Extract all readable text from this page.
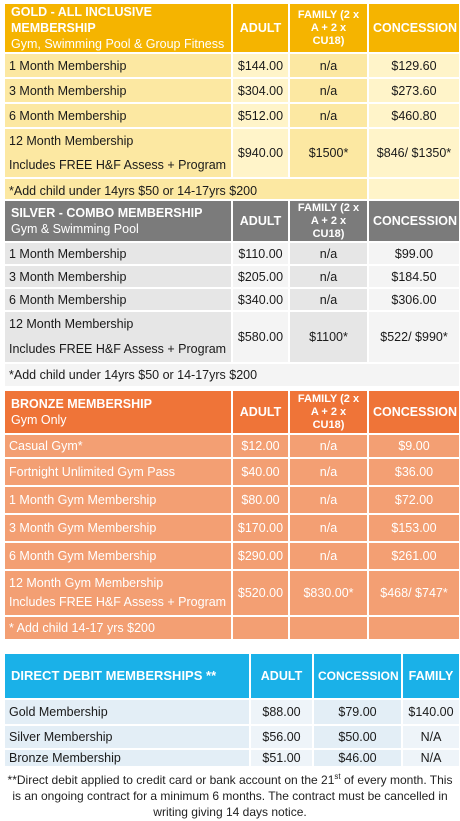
GOLD - ALL INCLUSIVE MEMBERSHIP
Gym, Swimming Pool & Group Fitness	ADULT	FAMILY (2 x A + 2 x CU18)	CONCESSION
1 Month Membership	$144.00	n/a	$129.60
3 Month Membership	$304.00	n/a	$273.60
6 Month Membership	$512.00	n/a	$460.80
12 Month Membership
Includes FREE H&F Assess + Program	$940.00	$1500*	$846/ $1350*
*Add child under 14yrs $50 or 14-17yrs $200			
SILVER - COMBO MEMBERSHIP
Gym & Swimming Pool	ADULT	FAMILY (2 x A + 2 x CU18)	CONCESSION
1 Month Membership	$110.00	n/a	$99.00
3 Month Membership	$205.00	n/a	$184.50
6 Month Membership	$340.00	n/a	$306.00
12 Month Membership
Includes FREE H&F Assess + Program	$580.00	$1100*	$522/ $990*
*Add child under 14yrs $50 or 14-17yrs $200			
BRONZE MEMBERSHIP
Gym Only	ADULT	FAMILY (2 x A + 2 x CU18)	CONCESSION
Casual Gym*	$12.00	n/a	$9.00
Fortnight Unlimited Gym Pass	$40.00	n/a	$36.00
1 Month Gym Membership	$80.00	n/a	$72.00
3 Month Gym Membership	$170.00	n/a	$153.00
6 Month Gym Membership	$290.00	n/a	$261.00
12 Month Gym Membership
Includes FREE H&F Assess + Program	$520.00	$830.00*	$468/ $747*
* Add child 14-17 yrs $200			
DIRECT DEBIT MEMBERSHIPS **	ADULT	CONCESSION	FAMILY
Gold Membership	$88.00	$79.00	$140.00
Silver Membership	$56.00	$50.00	N/A
Bronze Membership	$51.00	$46.00	N/A
**Direct debit applied to credit card or bank account on the 21st of every month. This is an ongoing contract for a minimum 6 months. The contract must be cancelled in writing giving 14 days notice.
